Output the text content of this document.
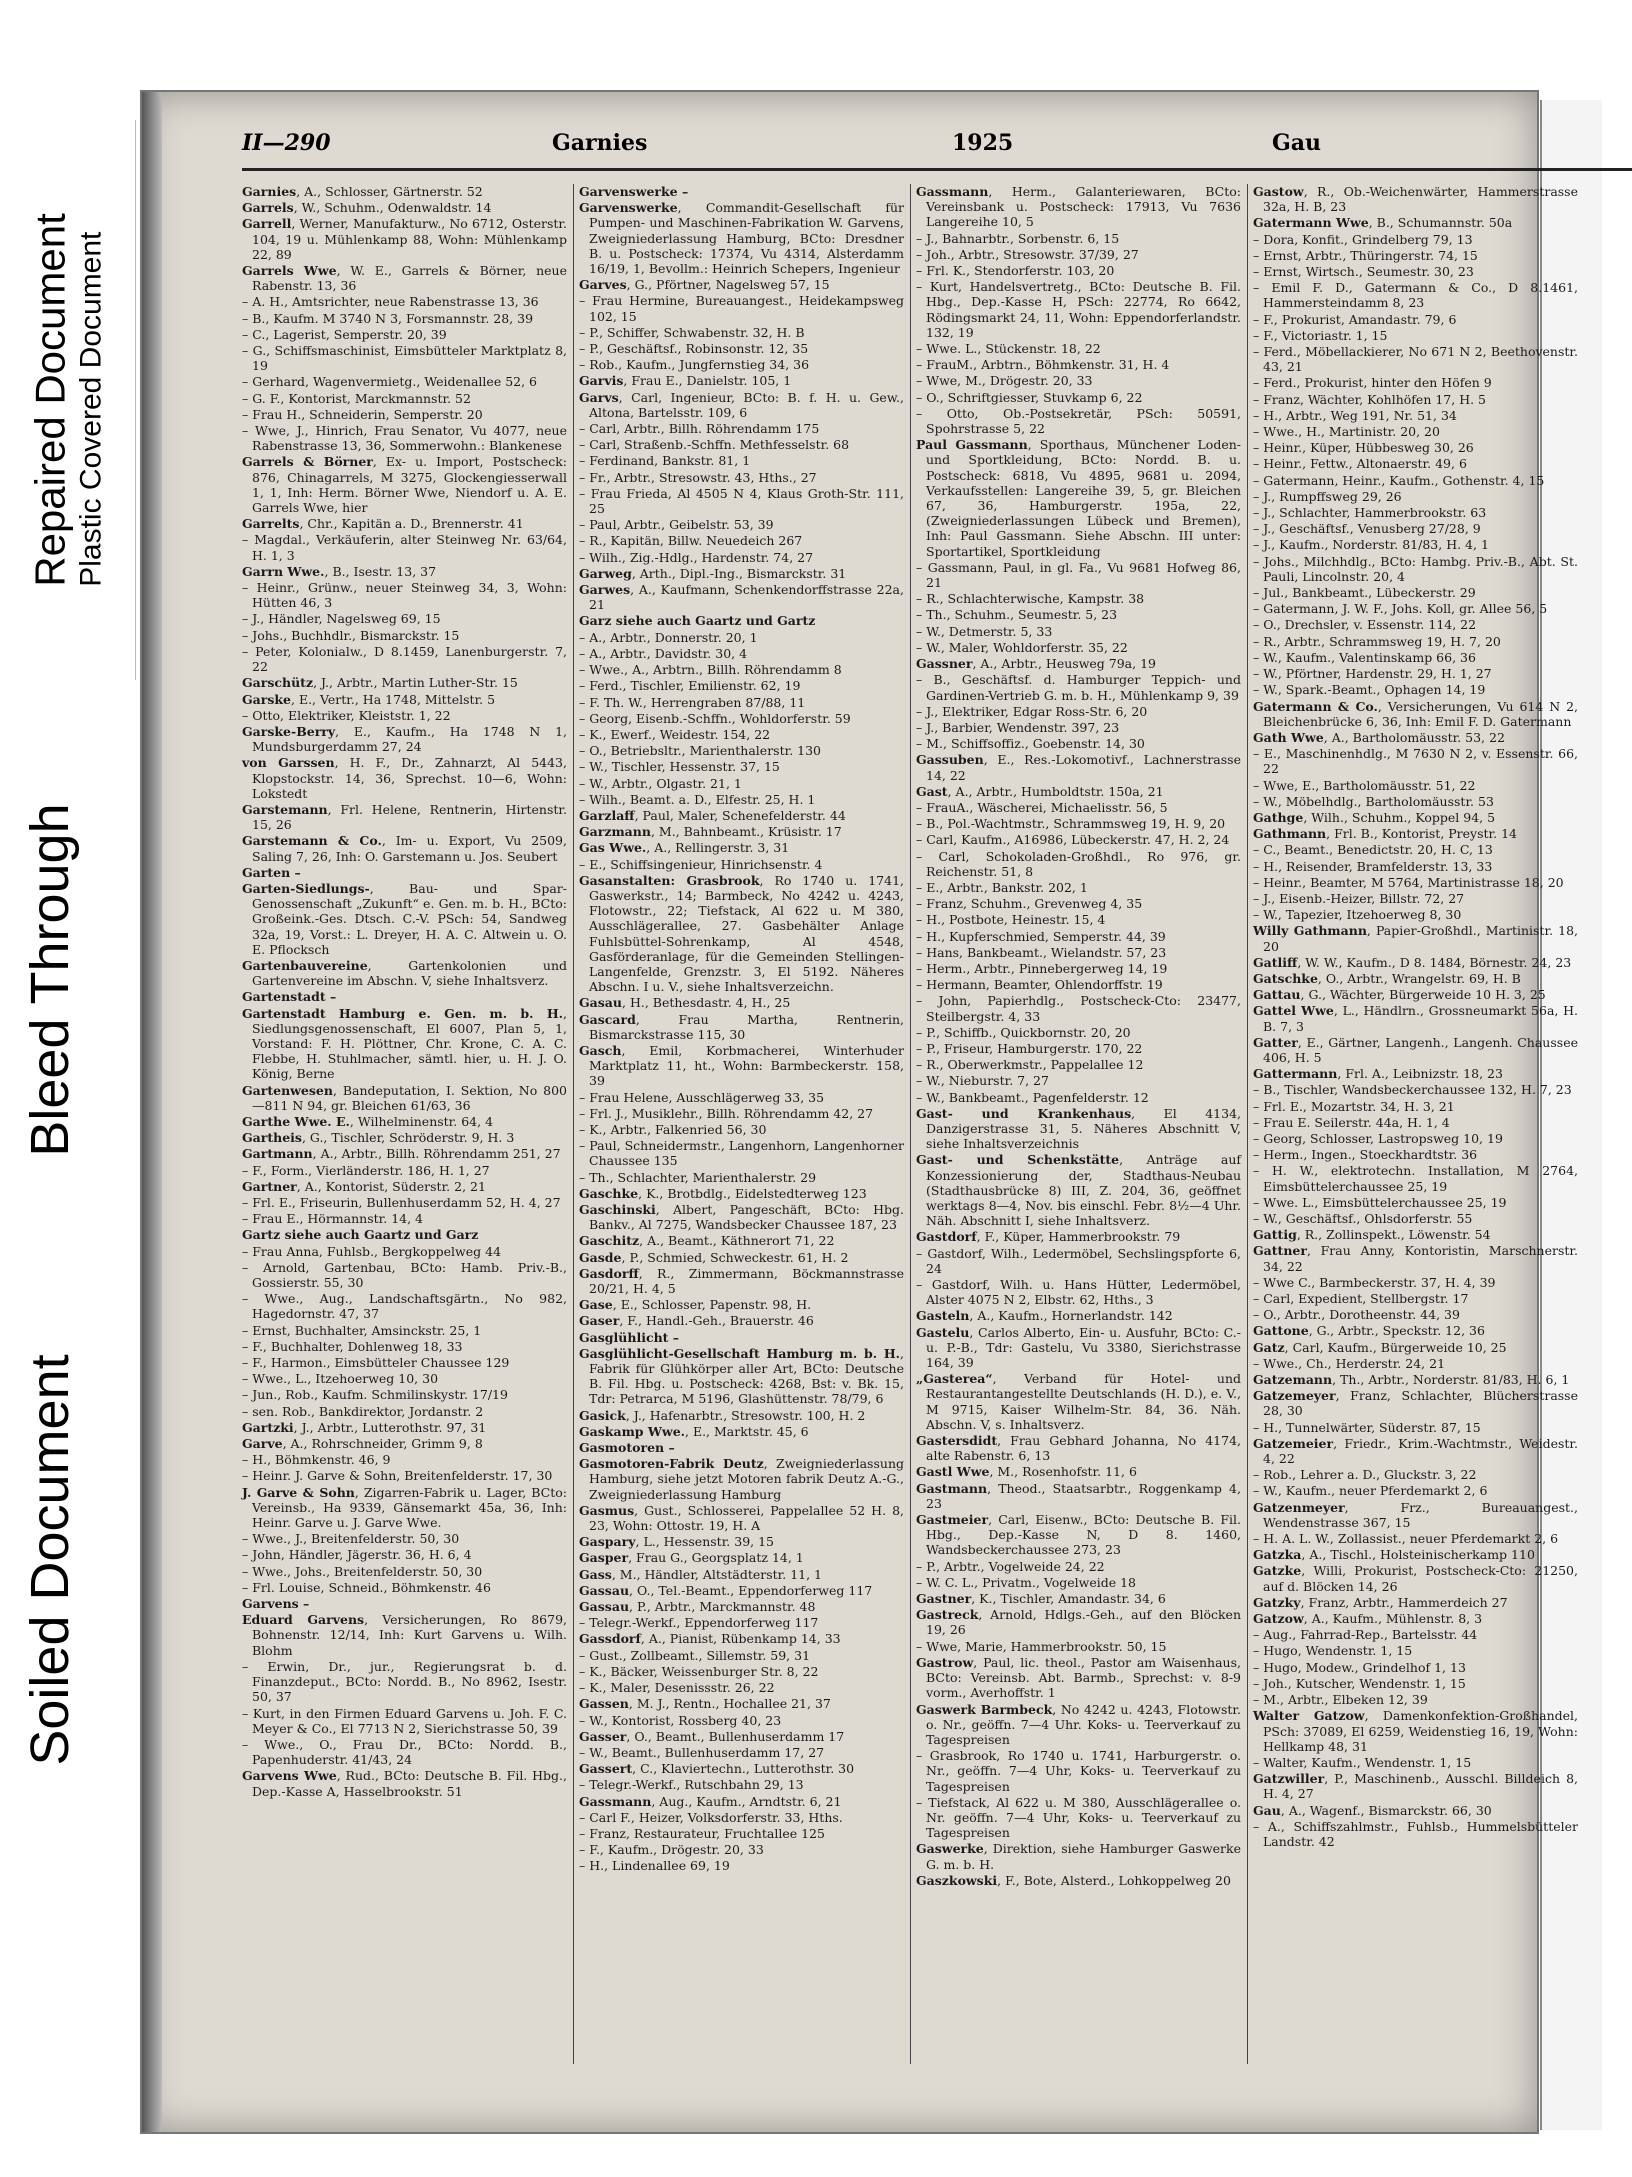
Repaired Document Plastic Covered Document
Bleed Through
Soiled Document
II—290	Garnies	1925	Gau

Garnies, A., Schlosser, Gärtnerstr. 52

Garrels, W., Schuhm., Odenwaldstr. 14

Garrell, Werner, Manufakturw., No 6712, Osterstr. 104, 19 u. Mühlenkamp 88, Wohn: Mühlenkamp 22, 89

Garrels Wwe, W. E., Garrels & Börner, neue Rabenstr. 13, 36

– A. H., Amtsrichter, neue Rabenstrasse 13, 36

– B., Kaufm. M 3740 N 3, Forsmannstr. 28, 39

– C., Lagerist, Semperstr. 20, 39

– G., Schiffsmaschinist, Eimsbütteler Marktplatz 8, 19

– Gerhard, Wagenvermietg., Weidenallee 52, 6

– G. F., Kontorist, Marckmannstr. 52

– Frau H., Schneiderin, Semperstr. 20

– Wwe, J., Hinrich, Frau Senator, Vu 4077, neue Rabenstrasse 13, 36, Sommerwohn.: Blankenese

Garrels & Börner, Ex- u. Import, Postscheck: 876, Chinagarrels, M 3275, Glockengiesserwall 1, 1, Inh: Herm. Börner Wwe, Niendorf u. A. E. Garrels Wwe, hier

Garrelts, Chr., Kapitän a. D., Brennerstr. 41

– Magdal., Verkäuferin, alter Steinweg Nr. 63/64, H. 1, 3

Garrn Wwe., B., Isestr. 13, 37

– Heinr., Grünw., neuer Steinweg 34, 3, Wohn: Hütten 46, 3

– J., Händler, Nagelsweg 69, 15

– Johs., Buchhdlr., Bismarckstr. 15

– Peter, Kolonialw., D 8.1459, Lanenburgerstr. 7, 22

Garschütz, J., Arbtr., Martin Luther-Str. 15

Garske, E., Vertr., Ha 1748, Mittelstr. 5

– Otto, Elektriker, Kleiststr. 1, 22

Garske-Berry, E., Kaufm., Ha 1748 N 1, Mundsburgerdamm 27, 24

von Garssen, H. F., Dr., Zahnarzt, Al 5443, Klopstockstr. 14, 36, Sprechst. 10—6, Wohn: Lokstedt

Garstemann, Frl. Helene, Rentnerin, Hirtenstr. 15, 26

Garstemann & Co., Im- u. Export, Vu 2509, Saling 7, 26, Inh: O. Garstemann u. Jos. Seubert

Garten –

Garten-Siedlungs-, Bau- und Spar-Genossenschaft „Zukunft“ e. Gen. m. b. H., BCto: Großeink.-Ges. Dtsch. C.-V. PSch: 54, Sandweg 32a, 19, Vorst.: L. Dreyer, H. A. C. Altwein u. O. E. Pflocksch

Gartenbauvereine, Gartenkolonien und Gartenvereine im Abschn. V, siehe Inhaltsverz.

Gartenstadt –

Gartenstadt Hamburg e. Gen. m. b. H., Siedlungsgenossenschaft, El 6007, Plan 5, 1, Vorstand: F. H. Plöttner, Chr. Krone, C. A. C. Flebbe, H. Stuhlmacher, sämtl. hier, u. H. J. O. König, Berne

Gartenwesen, Bandeputation, I. Sektion, No 800—811 N 94, gr. Bleichen 61/63, 36

Garthe Wwe. E., Wilhelminenstr. 64, 4

Gartheis, G., Tischler, Schröderstr. 9, H. 3

Gartmann, A., Arbtr., Billh. Röhrendamm 251, 27

– F., Form., Vierländerstr. 186, H. 1, 27

Gartner, A., Kontorist, Süderstr. 2, 21

– Frl. E., Friseurin, Bullenhuserdamm 52, H. 4, 27

– Frau E., Hörmannstr. 14, 4

Gartz siehe auch Gaartz und Garz

– Frau Anna, Fuhlsb., Bergkoppelweg 44

– Arnold, Gartenbau, BCto: Hamb. Priv.-B., Gossierstr. 55, 30

– Wwe., Aug., Landschaftsgärtn., No 982, Hagedornstr. 47, 37

– Ernst, Buchhalter, Amsinckstr. 25, 1

– F., Buchhalter, Dohlenweg 18, 33

– F., Harmon., Eimsbütteler Chaussee 129

– Wwe., L., Itzehoerweg 10, 30

– Jun., Rob., Kaufm. Schmilinskystr. 17/19

– sen. Rob., Bankdirektor, Jordanstr. 2

Gartzki, J., Arbtr., Lutterothstr. 97, 31

Garve, A., Rohrschneider, Grimm 9, 8

– H., Böhmkenstr. 46, 9

– Heinr. J. Garve & Sohn, Breitenfelderstr. 17, 30

J. Garve & Sohn, Zigarren-Fabrik u. Lager, BCto: Vereinsb., Ha 9339, Gänsemarkt 45a, 36, Inh: Heinr. Garve u. J. Garve Wwe.

– Wwe., J., Breitenfelderstr. 50, 30

– John, Händler, Jägerstr. 36, H. 6, 4

– Wwe., Johs., Breitenfelderstr. 50, 30

– Frl. Louise, Schneid., Böhmkenstr. 46

Garvens –

Eduard Garvens, Versicherungen, Ro 8679, Bohnenstr. 12/14, Inh: Kurt Garvens u. Wilh. Blohm

– Erwin, Dr., jur., Regierungsrat b. d. Finanzdeput., BCto: Nordd. B., No 8962, Isestr. 50, 37

– Kurt, in den Firmen Eduard Garvens u. Joh. F. C. Meyer & Co., El 7713 N 2, Sierichstrasse 50, 39

– Wwe., O., Frau Dr., BCto: Nordd. B., Papenhuderstr. 41/43, 24

Garvens Wwe, Rud., BCto: Deutsche B. Fil. Hbg., Dep.-Kasse A, Hasselbrookstr. 51

Garvenswerke –

Garvenswerke, Commandit-Gesellschaft für Pumpen- und Maschinen-Fabrikation W. Garvens, Zweigniederlassung Hamburg, BCto: Dresdner B. u. Postscheck: 17374, Vu 4314, Alsterdamm 16/19, 1, Bevollm.: Heinrich Schepers, Ingenieur

Garves, G., Pförtner, Nagelsweg 57, 15

– Frau Hermine, Bureauangest., Heidekampsweg 102, 15

– P., Schiffer, Schwabenstr. 32, H. B

– P., Geschäftsf., Robinsonstr. 12, 35

– Rob., Kaufm., Jungfernstieg 34, 36

Garvis, Frau E., Danielstr. 105, 1

Garvs, Carl, Ingenieur, BCto: B. f. H. u. Gew., Altona, Bartelsstr. 109, 6

– Carl, Arbtr., Billh. Röhrendamm 175

– Carl, Straßenb.-Schffn. Methfesselstr. 68

– Ferdinand, Bankstr. 81, 1

– Fr., Arbtr., Stresowstr. 43, Hths., 27

– Frau Frieda, Al 4505 N 4, Klaus Groth-Str. 111, 25

– Paul, Arbtr., Geibelstr. 53, 39

– R., Kapitän, Billw. Neuedeich 267

– Wilh., Zig.-Hdlg., Hardenstr. 74, 27

Garweg, Arth., Dipl.-Ing., Bismarckstr. 31

Garwes, A., Kaufmann, Schenkendorffstrasse 22a, 21

Garz siehe auch Gaartz und Gartz

– A., Arbtr., Donnerstr. 20, 1

– A., Arbtr., Davidstr. 30, 4

– Wwe., A., Arbtrn., Billh. Röhrendamm 8

– Ferd., Tischler, Emilienstr. 62, 19

– F. Th. W., Herrengraben 87/88, 11

– Georg, Eisenb.-Schffn., Wohldorferstr. 59

– K., Ewerf., Weidestr. 154, 22

– O., Betriebsltr., Marienthalerstr. 130

– W., Tischler, Hessenstr. 37, 15

– W., Arbtr., Olgastr. 21, 1

– Wilh., Beamt. a. D., Elfestr. 25, H. 1

Garzlaff, Paul, Maler, Schenefelderstr. 44

Garzmann, M., Bahnbeamt., Krüsistr. 17

Gas Wwe., A., Rellingerstr. 3, 31

– E., Schiffsingenieur, Hinrichsenstr. 4

Gasanstalten: Grasbrook, Ro 1740 u. 1741, Gaswerkstr., 14; Barmbeck, No 4242 u. 4243, Flotowstr., 22; Tiefstack, Al 622 u. M 380, Ausschlägerallee, 27. Gasbehälter Anlage Fuhlsbüttel-Sohrenkamp, Al 4548, Gasförderanlage, für die Gemeinden Stellingen-Langenfelde, Grenzstr. 3, El 5192. Näheres Abschn. I u. V., siehe Inhaltsverzeichn.

Gasau, H., Bethesdastr. 4, H., 25

Gascard, Frau Martha, Rentnerin, Bismarckstrasse 115, 30

Gasch, Emil, Korbmacherei, Winterhuder Marktplatz 11, ht., Wohn: Barmbeckerstr. 158, 39

– Frau Helene, Ausschlägerweg 33, 35

– Frl. J., Musiklehr., Billh. Röhrendamm 42, 27

– K., Arbtr., Falkenried 56, 30

– Paul, Schneidermstr., Langenhorn, Langenhorner Chaussee 135

– Th., Schlachter, Marienthalerstr. 29

Gaschke, K., Brotbdlg., Eidelstedterweg 123

Gaschinski, Albert, Pangeschäft, BCto: Hbg. Bankv., Al 7275, Wandsbecker Chaussee 187, 23

Gaschitz, A., Beamt., Käthnerort 71, 22

Gasde, P., Schmied, Schweckestr. 61, H. 2

Gasdorff, R., Zimmermann, Böckmannstrasse 20/21, H. 4, 5

Gase, E., Schlosser, Papenstr. 98, H.

Gaser, F., Handl.-Geh., Brauerstr. 46

Gasglühlicht –

Gasglühlicht-Gesellschaft Hamburg m. b. H., Fabrik für Glühkörper aller Art, BCto: Deutsche B. Fil. Hbg. u. Postscheck: 4268, Bst: v. Bk. 15, Tdr: Petrarca, M 5196, Glashüttenstr. 78/79, 6

Gasick, J., Hafenarbtr., Stresowstr. 100, H. 2

Gaskamp Wwe., E., Marktstr. 45, 6

Gasmotoren –

Gasmotoren-Fabrik Deutz, Zweigniederlassung Hamburg, siehe jetzt Motoren fabrik Deutz A.-G., Zweigniederlassung Hamburg

Gasmus, Gust., Schlosserei, Pappelallee 52 H. 8, 23, Wohn: Ottostr. 19, H. A

Gaspary, L., Hessenstr. 39, 15

Gasper, Frau G., Georgsplatz 14, 1

Gass, M., Händler, Altstädterstr. 11, 1

Gassau, O., Tel.-Beamt., Eppendorferweg 117

Gassau, P., Arbtr., Marckmannstr. 48

– Telegr.-Werkf., Eppendorferweg 117

Gassdorf, A., Pianist, Rübenkamp 14, 33

– Gust., Zollbeamt., Sillemstr. 59, 31

– K., Bäcker, Weissenburger Str. 8, 22

– K., Maler, Desenissstr. 26, 22

Gassen, M. J., Rentn., Hochallee 21, 37

– W., Kontorist, Rossberg 40, 23

Gasser, O., Beamt., Bullenhuserdamm 17

– W., Beamt., Bullenhuserdamm 17, 27

Gassert, C., Klaviertechn., Lutterothstr. 30

– Telegr.-Werkf., Rutschbahn 29, 13

Gassmann, Aug., Kaufm., Arndtstr. 6, 21

– Carl F., Heizer, Volksdorferstr. 33, Hths.

– Franz, Restaurateur, Fruchtallee 125

– F., Kaufm., Drögestr. 20, 33

– H., Lindenallee 69, 19

Gassmann, Herm., Galanteriewaren, BCto: Vereinsbank u. Postscheck: 17913, Vu 7636 Langereihe 10, 5

– J., Bahnarbtr., Sorbenstr. 6, 15

– Joh., Arbtr., Stresowstr. 37/39, 27

– Frl. K., Stendorferstr. 103, 20

– Kurt, Handelsvertretg., BCto: Deutsche B. Fil. Hbg., Dep.-Kasse H, PSch: 22774, Ro 6642, Rödingsmarkt 24, 11, Wohn: Eppendorferlandstr. 132, 19

– Wwe. L., Stückenstr. 18, 22

– FrauM., Arbtrn., Böhmkenstr. 31, H. 4

– Wwe, M., Drögestr. 20, 33

– O., Schriftgiesser, Stuvkamp 6, 22

– Otto, Ob.-Postsekretär, PSch: 50591, Spohrstrasse 5, 22

Paul Gassmann, Sporthaus, Münchener Loden- und Sportkleidung, BCto: Nordd. B. u. Postscheck: 6818, Vu 4895, 9681 u. 2094, Verkaufsstellen: Langereihe 39, 5, gr. Bleichen 67, 36, Hamburgerstr. 195a, 22, (Zweigniederlassungen Lübeck und Bremen), Inh: Paul Gassmann. Siehe Abschn. III unter: Sportartikel, Sportkleidung

– Gassmann, Paul, in gl. Fa., Vu 9681 Hofweg 86, 21

– R., Schlachterwische, Kampstr. 38

– Th., Schuhm., Seumestr. 5, 23

– W., Detmerstr. 5, 33

– W., Maler, Wohldorferstr. 35, 22

Gassner, A., Arbtr., Heusweg 79a, 19

– B., Geschäftsf. d. Hamburger Teppich- und Gardinen-Vertrieb G. m. b. H., Mühlenkamp 9, 39

– J., Elektriker, Edgar Ross-Str. 6, 20

– J., Barbier, Wendenstr. 397, 23

– M., Schiffsoffiz., Goebenstr. 14, 30

Gassuben, E., Res.-Lokomotivf., Lachnerstrasse 14, 22

Gast, A., Arbtr., Humboldtstr. 150a, 21

– FrauA., Wäscherei, Michaelisstr. 56, 5

– B., Pol.-Wachtmstr., Schrammsweg 19, H. 9, 20

– Carl, Kaufm., A16986, Lübeckerstr. 47, H. 2, 24

– Carl, Schokoladen-Großhdl., Ro 976, gr. Reichenstr. 51, 8

– E., Arbtr., Bankstr. 202, 1

– Franz, Schuhm., Grevenweg 4, 35

– H., Postbote, Heinestr. 15, 4

– H., Kupferschmied, Semperstr. 44, 39

– Hans, Bankbeamt., Wielandstr. 57, 23

– Herm., Arbtr., Pinnebergerweg 14, 19

– Hermann, Beamter, Ohlendorffstr. 19

– John, Papierhdlg., Postscheck-Cto: 23477, Steilbergstr. 4, 33

– P., Schiffb., Quickbornstr. 20, 20

– P., Friseur, Hamburgerstr. 170, 22

– R., Oberwerkmstr., Pappelallee 12

– W., Nieburstr. 7, 27

– W., Bankbeamt., Pagenfelderstr. 12

Gast- und Krankenhaus, El 4134, Danzigerstrasse 31, 5. Näheres Abschnitt V, siehe Inhaltsverzeichnis

Gast- und Schenkstätte, Anträge auf Konzessionierung der, Stadthaus-Neubau (Stadthausbrücke 8) III, Z. 204, 36, geöffnet werktags 8—4, Nov. bis einschl. Febr. 8½—4 Uhr. Näh. Abschnitt I, siehe Inhaltsverz.

Gastdorf, F., Küper, Hammerbrookstr. 79

– Gastdorf, Wilh., Ledermöbel, Sechslingspforte 6, 24

– Gastdorf, Wilh. u. Hans Hütter, Ledermöbel, Alster 4075 N 2, Elbstr. 62, Hths., 3

Gasteln, A., Kaufm., Hornerlandstr. 142

Gastelu, Carlos Alberto, Ein- u. Ausfuhr, BCto: C.- u. P.-B., Tdr: Gastelu, Vu 3380, Sierichstrasse 164, 39

„Gasterea“, Verband für Hotel- und Restaurantangestellte Deutschlands (H. D.), e. V., M 9715, Kaiser Wilhelm-Str. 84, 36. Näh. Abschn. V, s. Inhaltsverz.

Gastersdidt, Frau Gebhard Johanna, No 4174, alte Rabenstr. 6, 13

Gastl Wwe, M., Rosenhofstr. 11, 6

Gastmann, Theod., Staatsarbtr., Roggenkamp 4, 23

Gastmeier, Carl, Eisenw., BCto: Deutsche B. Fil. Hbg., Dep.-Kasse N, D 8. 1460, Wandsbeckerchaussee 273, 23

– P., Arbtr., Vogelweide 24, 22

– W. C. L., Privatm., Vogelweide 18

Gastner, K., Tischler, Amandastr. 34, 6

Gastreck, Arnold, Hdlgs.-Geh., auf den Blöcken 19, 26

– Wwe, Marie, Hammerbrookstr. 50, 15

Gastrow, Paul, lic. theol., Pastor am Waisenhaus, BCto: Vereinsb. Abt. Barmb., Sprechst: v. 8-9 vorm., Averhoffstr. 1

Gaswerk Barmbeck, No 4242 u. 4243, Flotowstr. o. Nr., geöffn. 7—4 Uhr. Koks- u. Teerverkauf zu Tagespreisen

– Grasbrook, Ro 1740 u. 1741, Harburgerstr. o. Nr., geöffn. 7—4 Uhr, Koks- u. Teerverkauf zu Tagespreisen

– Tiefstack, Al 622 u. M 380, Ausschlägerallee o. Nr. geöffn. 7—4 Uhr, Koks- u. Teerverkauf zu Tagespreisen

Gaswerke, Direktion, siehe Hamburger Gaswerke G. m. b. H.

Gaszkowski, F., Bote, Alsterd., Lohkoppelweg 20

Gastow, R., Ob.-Weichenwärter, Hammerstrasse 32a, H. B, 23

Gatermann Wwe, B., Schumannstr. 50a

– Dora, Konfit., Grindelberg 79, 13

– Ernst, Arbtr., Thüringerstr. 74, 15

– Ernst, Wirtsch., Seumestr. 30, 23

– Emil F. D., Gatermann & Co., D 8.1461, Hammersteindamm 8, 23

– F., Prokurist, Amandastr. 79, 6

– F., Victoriastr. 1, 15

– Ferd., Möbellackierer, No 671 N 2, Beethovenstr. 43, 21

– Ferd., Prokurist, hinter den Höfen 9

– Franz, Wächter, Kohlhöfen 17, H. 5

– H., Arbtr., Weg 191, Nr. 51, 34

– Wwe., H., Martinistr. 20, 20

– Heinr., Küper, Hübbesweg 30, 26

– Heinr., Fettw., Altonaerstr. 49, 6

– Gatermann, Heinr., Kaufm., Gothenstr. 4, 15

– J., Rumpffsweg 29, 26

– J., Schlachter, Hammerbrookstr. 63

– J., Geschäftsf., Venusberg 27/28, 9

– J., Kaufm., Norderstr. 81/83, H. 4, 1

– Johs., Milchhdlg., BCto: Hambg. Priv.-B., Abt. St. Pauli, Lincolnstr. 20, 4

– Jul., Bankbeamt., Lübeckerstr. 29

– Gatermann, J. W. F., Johs. Koll, gr. Allee 56, 5

– O., Drechsler, v. Essenstr. 114, 22

– R., Arbtr., Schrammsweg 19, H. 7, 20

– W., Kaufm., Valentinskamp 66, 36

– W., Pförtner, Hardenstr. 29, H. 1, 27

– W., Spark.-Beamt., Ophagen 14, 19

Gatermann & Co., Versicherungen, Vu 614 N 2, Bleichenbrücke 6, 36, Inh: Emil F. D. Gatermann

Gath Wwe, A., Bartholomäusstr. 53, 22

– E., Maschinenhdlg., M 7630 N 2, v. Essenstr. 66, 22

– Wwe, E., Bartholomäusstr. 51, 22

– W., Möbelhdlg., Bartholomäusstr. 53

Gathge, Wilh., Schuhm., Koppel 94, 5

Gathmann, Frl. B., Kontorist, Preystr. 14

– C., Beamt., Benedictstr. 20, H. C, 13

– H., Reisender, Bramfelderstr. 13, 33

– Heinr., Beamter, M 5764, Martinistrasse 18, 20

– J., Eisenb.-Heizer, Billstr. 72, 27

– W., Tapezier, Itzehoerweg 8, 30

Willy Gathmann, Papier-Großhdl., Martinistr. 18, 20

Gatliff, W. W., Kaufm., D 8. 1484, Börnestr. 24, 23

Gatschke, O., Arbtr., Wrangelstr. 69, H. B

Gattau, G., Wächter, Bürgerweide 10 H. 3, 25

Gattel Wwe, L., Händlrn., Grossneumarkt 56a, H. B. 7, 3

Gatter, E., Gärtner, Langenh., Langenh. Chaussee 406, H. 5

Gattermann, Frl. A., Leibnizstr. 18, 23

– B., Tischler, Wandsbeckerchaussee 132, H. 7, 23

– Frl. E., Mozartstr. 34, H. 3, 21

– Frau E. Seilerstr. 44a, H. 1, 4

– Georg, Schlosser, Lastropsweg 10, 19

– Herm., Ingen., Stoeckhardtstr. 36

– H. W., elektrotechn. Installation, M 2764, Eimsbüttelerchaussee 25, 19

– Wwe. L., Eimsbüttelerchaussee 25, 19

– W., Geschäftsf., Ohlsdorferstr. 55

Gattig, R., Zollinspekt., Löwenstr. 54

Gattner, Frau Anny, Kontoristin, Marschnerstr. 34, 22

– Wwe C., Barmbeckerstr. 37, H. 4, 39

– Carl, Expedient, Stellbergstr. 17

– O., Arbtr., Dorotheenstr. 44, 39

Gattone, G., Arbtr., Speckstr. 12, 36

Gatz, Carl, Kaufm., Bürgerweide 10, 25

– Wwe., Ch., Herderstr. 24, 21

Gatzemann, Th., Arbtr., Norderstr. 81/83, H. 6, 1

Gatzemeyer, Franz, Schlachter, Blücherstrasse 28, 30

– H., Tunnelwärter, Süderstr. 87, 15

Gatzemeier, Friedr., Krim.-Wachtmstr., Weidestr. 4, 22

– Rob., Lehrer a. D., Gluckstr. 3, 22

– W., Kaufm., neuer Pferdemarkt 2, 6

Gatzenmeyer, Frz., Bureauangest., Wendenstrasse 367, 15

– H. A. L. W., Zollassist., neuer Pferdemarkt 2, 6

Gatzka, A., Tischl., Holsteinischerkamp 110

Gatzke, Willi, Prokurist, Postscheck-Cto: 21250, auf d. Blöcken 14, 26

Gatzky, Franz, Arbtr., Hammerdeich 27

Gatzow, A., Kaufm., Mühlenstr. 8, 3

– Aug., Fahrrad-Rep., Bartelsstr. 44

– Hugo, Wendenstr. 1, 15

– Hugo, Modew., Grindelhof 1, 13

– Joh., Kutscher, Wendenstr. 1, 15

– M., Arbtr., Elbeken 12, 39

Walter Gatzow, Damenkonfektion-Großhandel, PSch: 37089, El 6259, Weidenstieg 16, 19, Wohn: Hellkamp 48, 31

– Walter, Kaufm., Wendenstr. 1, 15

Gatzwiller, P., Maschinenb., Ausschl. Billdeich 8, H. 4, 27

Gau, A., Wagenf., Bismarckstr. 66, 30

– A., Schiffszahlmstr., Fuhlsb., Hummelsbütteler Landstr. 42
